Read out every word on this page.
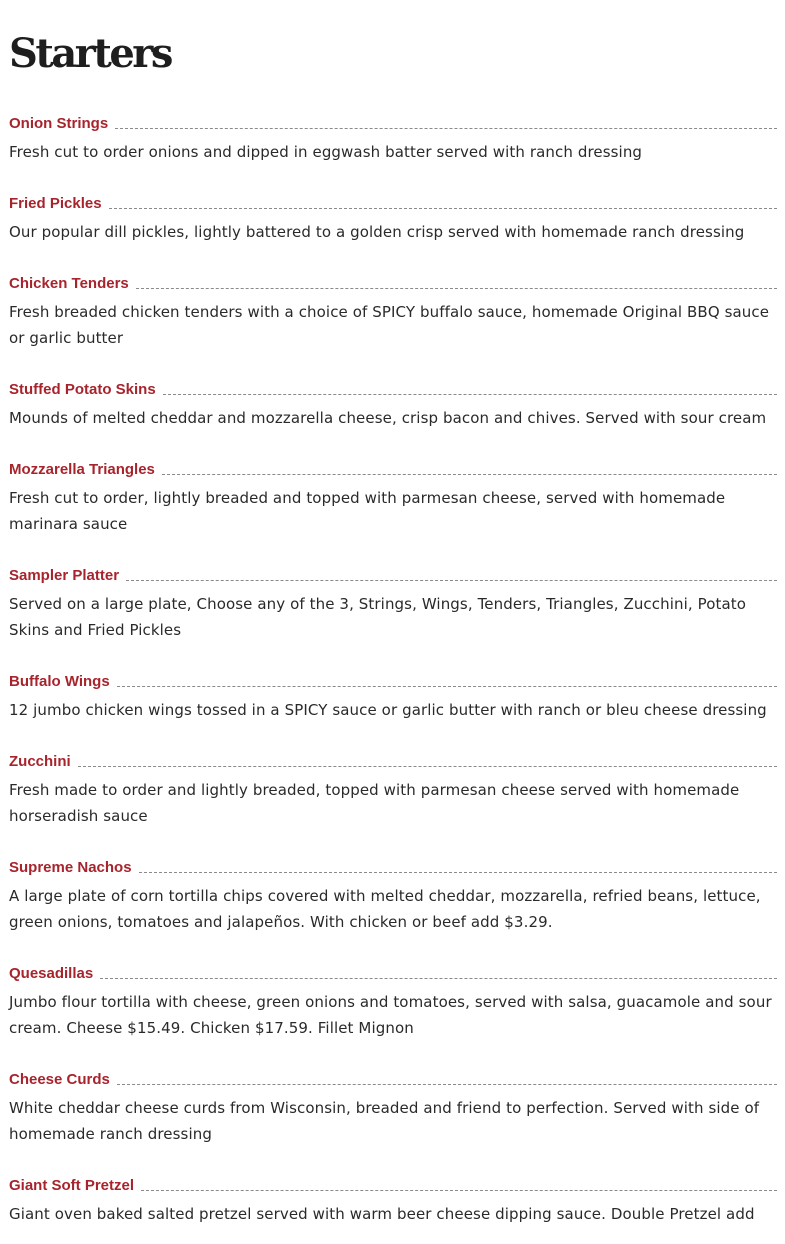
Starters
Onion Strings

Fresh cut to order onions and dipped in eggwash batter served with ranch dressing

Fried Pickles

Our popular dill pickles, lightly battered to a golden crisp served with homemade ranch dressing

Chicken Tenders

Fresh breaded chicken tenders with a choice of SPICY buffalo sauce, homemade Original BBQ sauce or garlic butter

Stuffed Potato Skins

Mounds of melted cheddar and mozzarella cheese, crisp bacon and chives. Served with sour cream

Mozzarella Triangles

Fresh cut to order, lightly breaded and topped with parmesan cheese, served with homemade marinara sauce

Sampler Platter

Served on a large plate, Choose any of the 3, Strings, Wings, Tenders, Triangles, Zucchini, Potato Skins and Fried Pickles

Buffalo Wings

12 jumbo chicken wings tossed in a SPICY sauce or garlic butter with ranch or bleu cheese dressing

Zucchini

Fresh made to order and lightly breaded, topped with parmesan cheese served with homemade horseradish sauce

Supreme Nachos

A large plate of corn tortilla chips covered with melted cheddar, mozzarella, refried beans, lettuce, green onions, tomatoes and jalapeños. With chicken or beef add $3.29.

Quesadillas

Jumbo flour tortilla with cheese, green onions and tomatoes, served with salsa, guacamole and sour cream. Cheese $15.49. Chicken $17.59. Fillet Mignon

Cheese Curds

White cheddar cheese curds from Wisconsin, breaded and friend to perfection. Served with side of homemade ranch dressing

Giant Soft Pretzel

Giant oven baked salted pretzel served with warm beer cheese dipping sauce. Double Pretzel add
